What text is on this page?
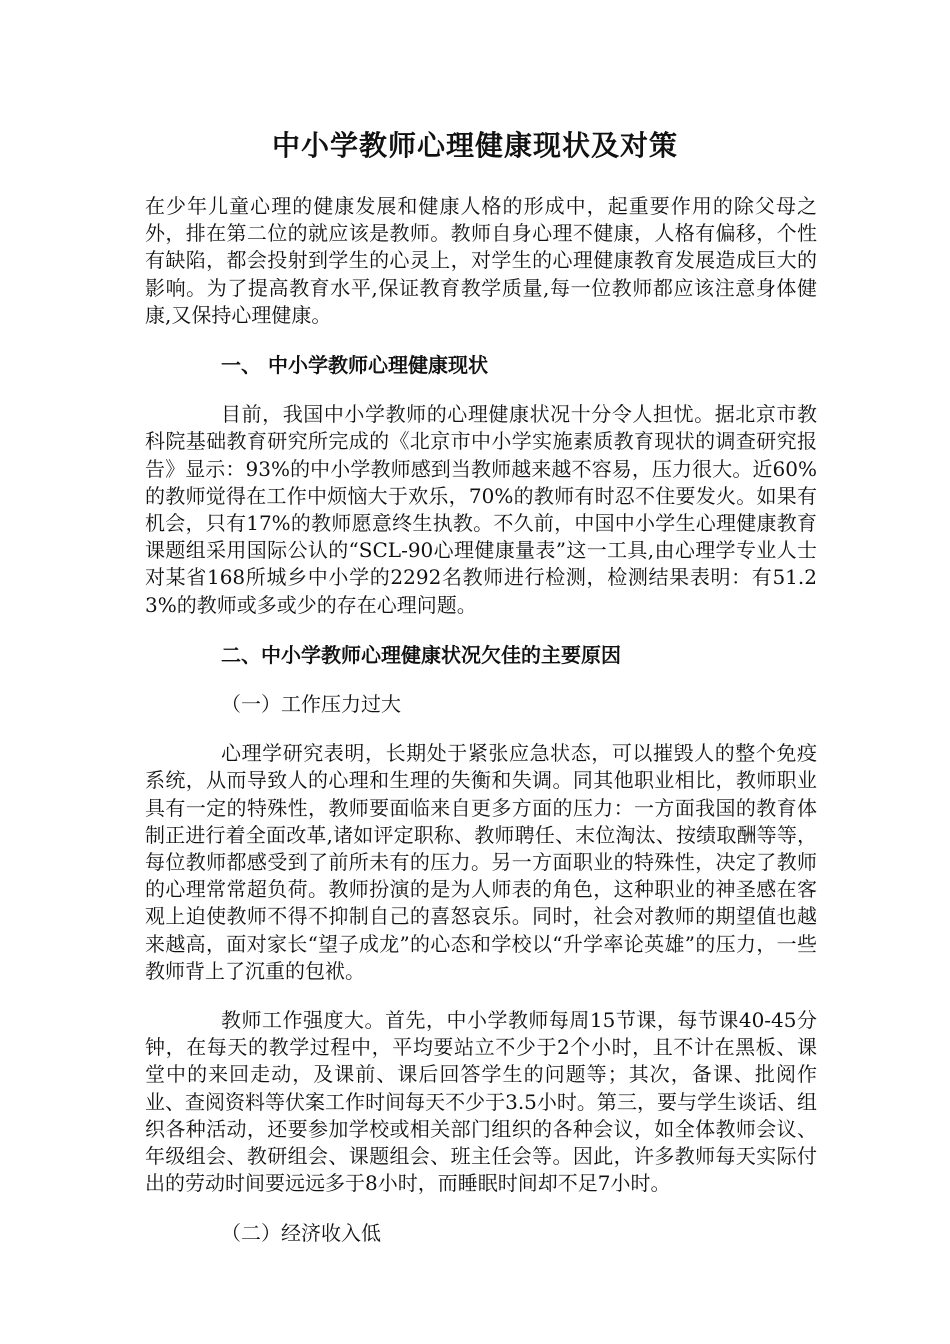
中小学教师心理健康现状及对策

在少年儿童心理的健康发展和健康人格的形成中，起重要作用的除父母之外，排在第二位的就应该是教师。教师自身心理不健康，人格有偏移，个性有缺陷，都会投射到学生的心灵上，对学生的心理健康教育发展造成巨大的影响。为了提高教育水平,保证教育教学质量,每一位教师都应该注意身体健康,又保持心理健康。

一、 中小学教师心理健康现状

目前，我国中小学教师的心理健康状况十分令人担忧。据北京市教科院基础教育研究所完成的《北京市中小学实施素质教育现状的调查研究报告》显示：93%的中小学教师感到当教师越来越不容易，压力很大。近60%的教师觉得在工作中烦恼大于欢乐，70%的教师有时忍不住要发火。如果有机会，只有17%的教师愿意终生执教。不久前，中国中小学生心理健康教育课题组采用国际公认的“SCL-90心理健康量表”这一工具,由心理学专业人士对某省168所城乡中小学的2292名教师进行检测，检测结果表明：有51.23%的教师或多或少的存在心理问题。

二、中小学教师心理健康状况欠佳的主要原因

（一）工作压力过大

心理学研究表明，长期处于紧张应急状态，可以摧毁人的整个免疫系统，从而导致人的心理和生理的失衡和失调。同其他职业相比，教师职业具有一定的特殊性，教师要面临来自更多方面的压力：一方面我国的教育体制正进行着全面改革,诸如评定职称、教师聘任、末位淘汰、按绩取酬等等，每位教师都感受到了前所未有的压力。另一方面职业的特殊性，决定了教师的心理常常超负荷。教师扮演的是为人师表的角色，这种职业的神圣感在客观上迫使教师不得不抑制自己的喜怒哀乐。同时，社会对教师的期望值也越来越高，面对家长“望子成龙”的心态和学校以“升学率论英雄”的压力，一些教师背上了沉重的包袱。

教师工作强度大。首先，中小学教师每周15节课，每节课40-45分钟，在每天的教学过程中，平均要站立不少于2个小时，且不计在黑板、课堂中的来回走动，及课前、课后回答学生的问题等；其次，备课、批阅作业、查阅资料等伏案工作时间每天不少于3.5小时。第三，要与学生谈话、组织各种活动，还要参加学校或相关部门组织的各种会议，如全体教师会议、年级组会、教研组会、课题组会、班主任会等。因此，许多教师每天实际付出的劳动时间要远远多于8小时，而睡眠时间却不足7小时。

（二）经济收入低
